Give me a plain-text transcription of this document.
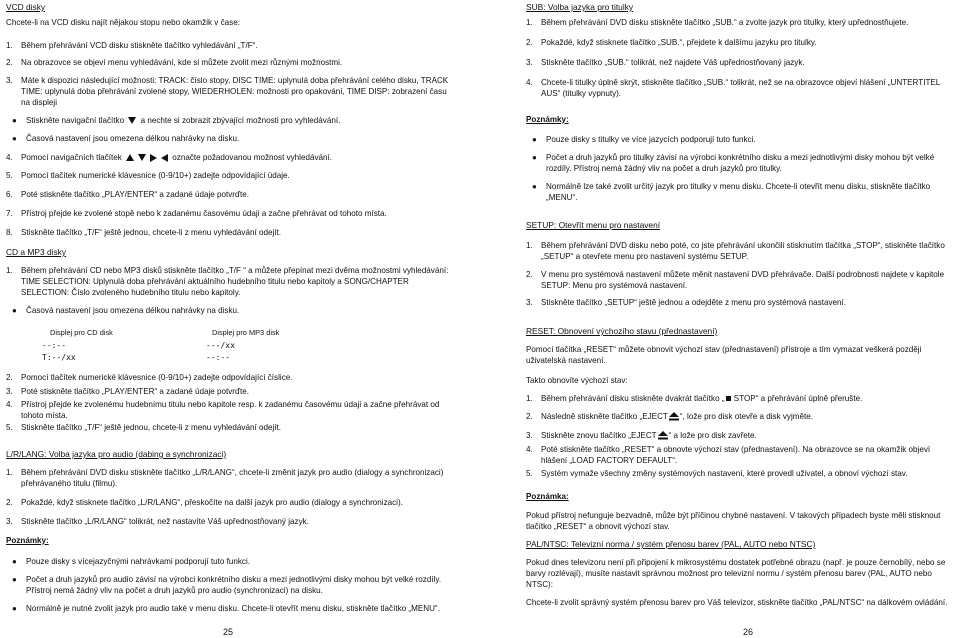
VCD disky

Chcete-li na VCD disku najít nějakou stopu nebo okamžik v čase:

1.	Během přehrávání VCD disku stiskněte tlačítko vyhledávání „T/F“.
2.	Na obrazovce se objeví menu vyhledávání, kde si můžete zvolit mezi různými možnostmi.
3.	Máte k dispozici následující možnosti: TRACK: číslo stopy, DISC TIME: uplynulá doba přehrávání celého disku, TRACK TIME: uplynulá doba přehrávání zvolené stopy, WIEDERHOLEN: možnosti pro opakování, TIME DISP: zobrazení času na displeji
●	Stiskněte navigační tlačítko a nechte si zobrazit zbývající možnosti pro vyhledávání.
●	Časová nastavení jsou omezena délkou nahrávky na disku.
4.	Pomocí navigačních tlačítek	označte požadovanou možnost vyhledávání.
5.	Pomocí tlačítek numerické klávesnice (0-9/10+) zadejte odpovídající údaje.
6.	Poté stiskněte tlačítko „PLAY/ENTER“ a zadané údaje potvrďte.
7.	Přístroj přejde ke zvolené stopě nebo k zadanému časovému údaji a začne přehrávat od tohoto místa.
8.	Stiskněte tlačítko „T/F“ ještě jednou, chcete-li z menu vyhledávání odejít.

CD a MP3 disky

1.	Během přehrávání CD nebo MP3 disků stiskněte tlačítko „T/F “ a můžete přepínat mezi dvěma možnostmi vyhledávání: TIME SELECTION: Uplynulá doba přehrávání aktuálního hudebního titulu nebo kapitoly a SONG/CHAPTER SELECTION: Číslo zvoleného hudebního titulu nebo kapitoly.
●	Časová nastavení jsou omezena délkou nahrávky na disku.
Displej pro CD disk	Displej pro MP3 disk
--:--	---/xx
T:--/xx	--:--
2.	Pomocí tlačítek numerické klávesnice (0-9/10+) zadejte odpovídající číslice.
3.	Poté stiskněte tlačítko „PLAY/ENTER“ a zadané údaje potvrďte.
4.	Přístroj přejde ke zvolenému hudebnímu titulu nebo kapitole resp. k zadanému časovému údaji a začne přehrávat od tohoto místa.
5.	Stiskněte tlačítko „T/F“ ještě jednou, chcete-li z menu vyhledávání odejít.

L/R/LANG: Volba jazyka pro audio (dabing a synchronizaci)

1.	Během přehrávání DVD disku stiskněte tlačítko „L/R/LANG“, chcete-li změnit jazyk pro audio (dialogy a synchronizaci) přehrávaného titulu (filmu).
2.	Pokaždé, když stisknete tlačítko „L/R/LANG“, přeskočíte na další jazyk pro audio (dialogy a synchronizaci).
3.	Stiskněte tlačítko „L/R/LANG“ tolikrát, než nastavíte Váš upřednostňovaný jazyk.

Poznámky:

●	Pouze disky s vícejazyčnými nahrávkami podporují tuto funkci.
●	Počet a druh jazyků pro audio závisí na výrobci konkrétního disku a mezi jednotlivými disky mohou být velké rozdíly. Přístroj nemá žádný vliv na počet a druh jazyků pro audio (synchronizaci) na disku.
●	Normálně je nutné zvolit jazyk pro audio také v menu disku. Chcete-li otevřít menu disku, stiskněte tlačítko „MENU“.
25

SUB: Volba jazyka pro titulky

1.	Během přehrávání DVD disku stiskněte tlačítko „SUB.“ a zvolte jazyk pro titulky, který upřednostňujete.
2.	Pokaždé, když stisknete tlačítko „SUB.“, přejdete k dalšímu jazyku pro titulky.
3.	Stiskněte tlačítko „SUB.“ tolikrát, než najdete Váš upřednostňovaný jazyk.
4.	Chcete-li titulky úplně skrýt, stiskněte tlačítko „SUB.“ tolikrát, než se na obrazovce objeví hlášení „UNTERTITEL AUS“ (titulky vypnuty).

Poznámky:

●	Pouze disky s titulky ve více jazycích podporují tuto funkci.
●	Počet a druh jazyků pro titulky závisí na výrobci konkrétního disku a mezi jednotlivými disky mohou být velké rozdíly. Přístroj nemá žádný vliv na počet a druh jazyků pro titulky.
●	Normálně lze také zvolit určitý jazyk pro titulky v menu disku. Chcete-li otevřít menu disku, stiskněte tlačítko „MENU“.

SETUP: Otevřít menu pro nastavení

1.	Během přehrávání DVD disku nebo poté, co jste přehrávání ukončili stisknutím tlačítka „STOP“, stiskněte tlačítko „SETUP“ a otevřete menu pro nastavení systému SETUP.
2.	V menu pro systémová nastavení můžete měnit nastavení DVD přehrávače. Další podrobnosti najdete v kapitole SETUP: Menu pro systémová nastavení.
3.	Stiskněte tlačítko „SETUP“ ještě jednou a odejděte z menu pro systémová nastavení.

RESET: Obnovení výchozího stavu (přednastavení)

Pomocí tlačítka „RESET“ můžete obnovit výchozí stav (přednastavení) přístroje a tím vymazat veškerá později uživatelská nastavení.

Takto obnovíte výchozí stav:

1.	Během přehrávání disku stiskněte dvakrát tlačítko „ STOP“ a přehrávání úplně přerušte.
2.	Následně stiskněte tlačítko „EJECT “, lože pro disk otevře a disk vyjměte.
3.	Stiskněte znovu tlačítko „EJECT “ a lože pro disk zavřete.
4.	Poté stiskněte tlačítko „RESET“ a obnovte výchozí stav (přednastavení). Na obrazovce se na okamžik objeví hlášení „LOAD FACTORY DEFAULT“.
5.	Systém vymaže všechny změny systémových nastavení, které provedl uživatel, a obnoví výchozí stav.

Poznámka:

Pokud přístroj nefunguje bezvadně, může být příčinou chybné nastavení. V takových případech byste měli stisknout tlačítko „RESET“ a obnovit výchozí stav.

PAL/NTSC: Televizní norma / systém přenosu barev (PAL, AUTO nebo NTSC)

Pokud dnes televizoru není při připojení k mikrosystému dostatek potřebné obrazu (např. je pouze černobílý, nebo se barvy rozlévají), musíte nastavit správnou možnost pro televizní normu / systém přenosu barev (PAL, AUTO nebo NTSC):

Chcete-li zvolit správný systém přenosu barev pro Váš televizor, stiskněte tlačítko „PAL/NTSC“ na dálkovém ovládání.

26
